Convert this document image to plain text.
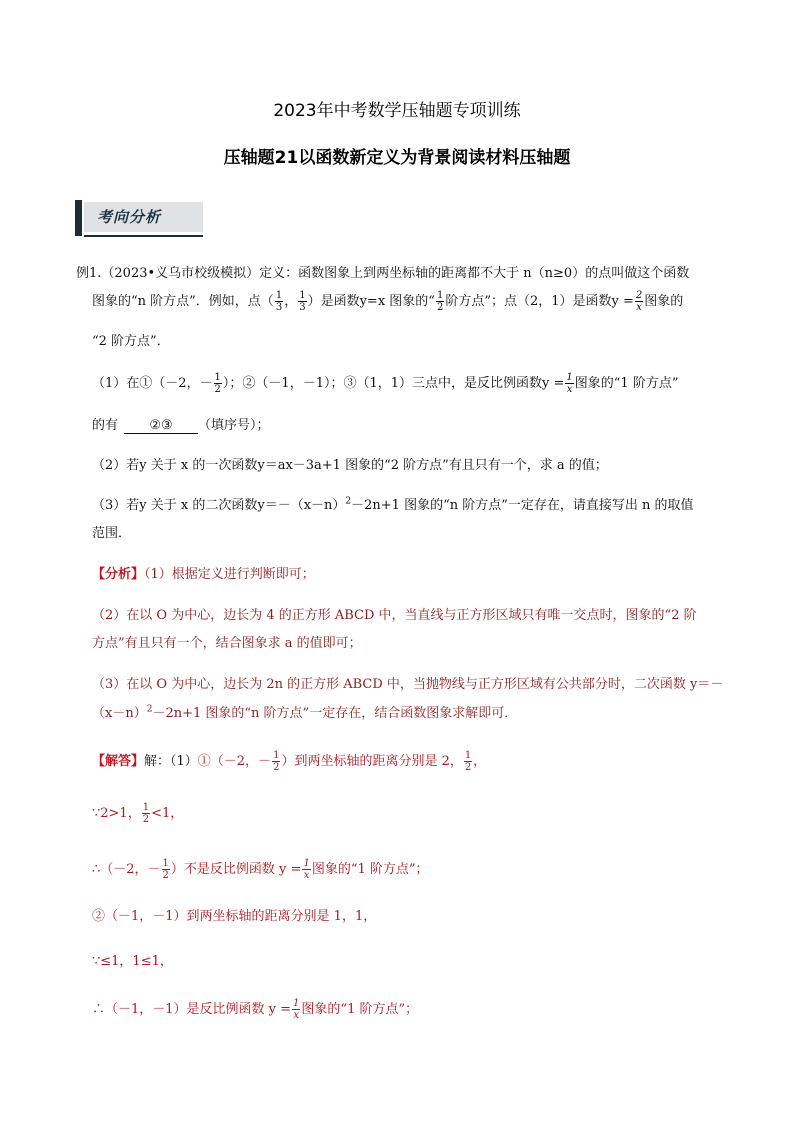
2023年中考数学压轴题专项训练
压轴题21以函数新定义为背景阅读材料压轴题
考向分析
例1.（2023•义乌市校级模拟）定义：函数图象上到两坐标轴的距离都不大于 n（n≥0）的点叫做这个函数
图象的“n 阶方点”．例如，点（ $\frac{1}{3}$ ， $\frac{1}{3}$ ）是函数y=x 图象的“ $\frac{1}{2}$ 阶方点”；点（2，1）是函数$y = \frac{2}{x}$ 图象的
“2 阶方点”．
（1）在①（－2，－ $\frac{1}{2}$ ）；②（－1，－1）；③（1，1）三点中，是反比例函数$y = \frac{1}{x}$ 图象的“1 阶方点”
的有 ②③ （填序号）；
（2）若y 关于 x 的一次函数y＝ax－3a+1 图象的“2 阶方点”有且只有一个，求 a 的值；
（3）若y 关于 x 的二次函数$y=-(x-n)^2-2n+1$ 图象的“n 阶方点”一定存在，请直接写出 n 的取值
范围．
【分析】（1）根据定义进行判断即可；
（2）在以 O 为中心，边长为 4 的正方形 ABCD 中，当直线与正方形区域只有唯一交点时，图象的“2 阶
方点”有且只有一个，结合图象求 a 的值即可；
（3）在以 O 为中心，边长为 2n 的正方形 ABCD 中，当抛物线与正方形区域有公共部分时，二次函数 y＝－
$(x-n)^2-2n+1$ 图象的“n 阶方点”一定存在，结合函数图象求解即可．
【解答】解：（1）①（－2，－ $\frac{1}{2}$ ）到两坐标轴的距离分别是 2， $\frac{1}{2}$ ，
∵2>1， $\frac{1}{2} <1$，
∴（－2，－ $\frac{1}{2}$ ）不是反比例函数 $y = \frac{1}{x}$ 图象的“1 阶方点”；
②（－1，－1）到两坐标轴的距离分别是 1，1，
∵≤1，1≤1，
∴（－1，－1）是反比例函数 $y = \frac{1}{x}$ 图象的“1 阶方点”；
